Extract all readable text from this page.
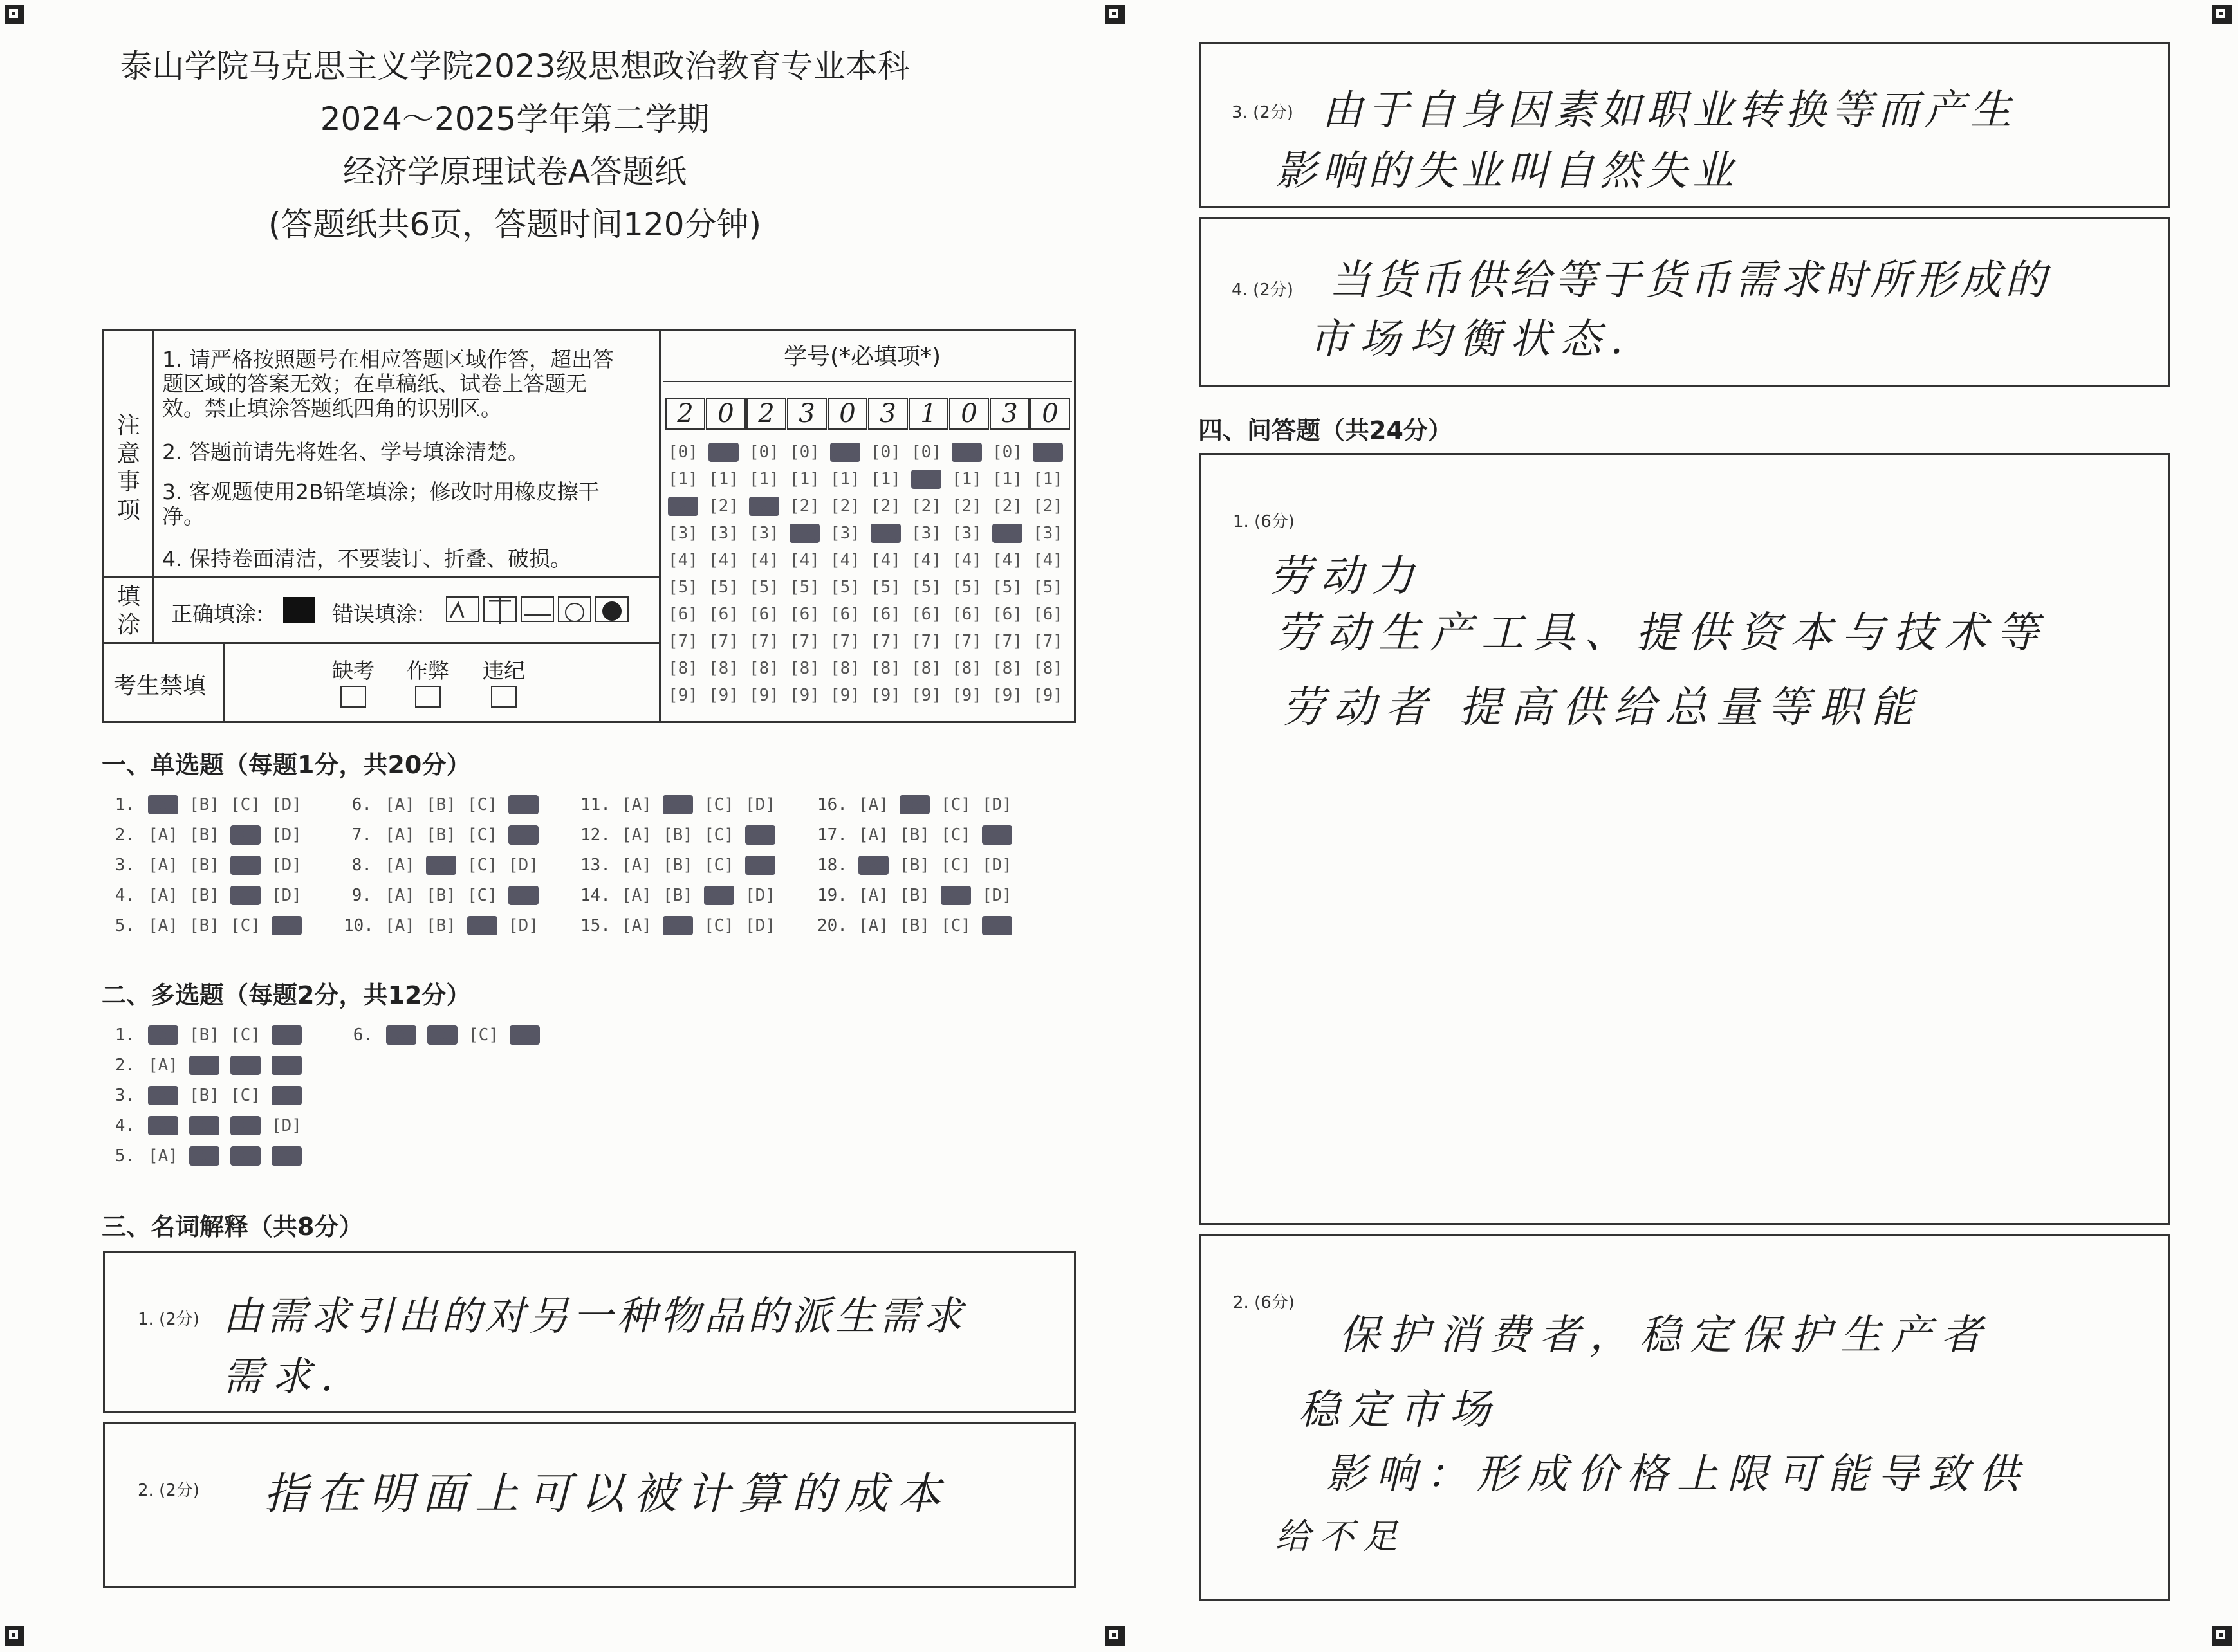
泰山学院马克思主义学院2023级思想政治教育专业本科
2024～2025学年第二学期
经济学原理试卷A答题纸
(答题纸共6页，答题时间120分钟)
注意事项
1. 请严格按照题号在相应答题区域作答，超出答题区域的答案无效；在草稿纸、试卷上答题无效。禁止填涂答题纸四角的识别区。
2. 答题前请先将姓名、学号填涂清楚。
3. 客观题使用2B铅笔填涂；修改时用橡皮擦干净。
4. 保持卷面清洁，不要装订、折叠、破损。
填涂 正确填涂:	错误填涂:
考生禁填
缺考 作弊 违纪

学号(*必填项*)
2 0 2 3 0 3 1 0 3 0
[0]
[1]
[2]
[3]
[4]
[5]
[6]
[7]
[8]
[9]
[0]
[1]
[2]
[3]
[4]
[5]
[6]
[7]
[8]
[9]
[0]
[1]
[2]
[3]
[4]
[5]
[6]
[7]
[8]
[9]
[0]
[1]
[2]
[3]
[4]
[5]
[6]
[7]
[8]
[9]
[0]
[1]
[2]
[3]
[4]
[5]
[6]
[7]
[8]
[9]
[0]
[1]
[2]
[3]
[4]
[5]
[6]
[7]
[8]
[9]
[0]
[1]
[2]
[3]
[4]
[5]
[6]
[7]
[8]
[9]
[0]
[1]
[2]
[3]
[4]
[5]
[6]
[7]
[8]
[9]
[0]
[1]
[2]
[3]
[4]
[5]
[6]
[7]
[8]
[9]
[0]
[1]
[2]
[3]
[4]
[5]
[6]
[7]
[8]
[9]
一、单选题（每题1分，共20分）
1. [A] [B] [C] [D]
2. [A] [B] [C] [D]
3. [A] [B] [C] [D]
4. [A] [B] [C] [D]
5. [A] [B] [C] [D]
6. [A] [B] [C] [D]
7. [A] [B] [C] [D]
8. [A] [B] [C] [D]
9. [A] [B] [C] [D]
10. [A] [B] [C] [D]
11. [A] [B] [C] [D]
12. [A] [B] [C] [D]
13. [A] [B] [C] [D]
14. [A] [B] [C] [D]
15. [A] [B] [C] [D]
16. [A] [B] [C] [D]
17. [A] [B] [C] [D]
18. [A] [B] [C] [D]
19. [A] [B] [C] [D]
20. [A] [B] [C] [D]
二、多选题（每题2分，共12分）
1. [A] [B] [C] [D]
2. [A] [B] [C] [D]
3. [A] [B] [C] [D]
4. [A] [B] [C] [D]
5. [A] [B] [C] [D]
6. [A] [B] [C] [D]
三、名词解释（共8分）
1. (2分) 由需求引出的对另一种物品的派生需求
需求.
2. (2分) 指在明面上可以被计算的成本
3. (2分) 由于自身因素如职业转换等而产生
影响的失业叫自然失业
4. (2分) 当货币供给等于货币需求时所形成的
市场均衡状态.
四、问答题（共24分）
1. (6分)
劳动力
劳动生产工具、提供资本与技术等
劳动者 提高供给总量等职能
2. (6分)
保护消费者，稳定保护生产者
稳定市场
影响：形成价格上限可能导致供
给不足
